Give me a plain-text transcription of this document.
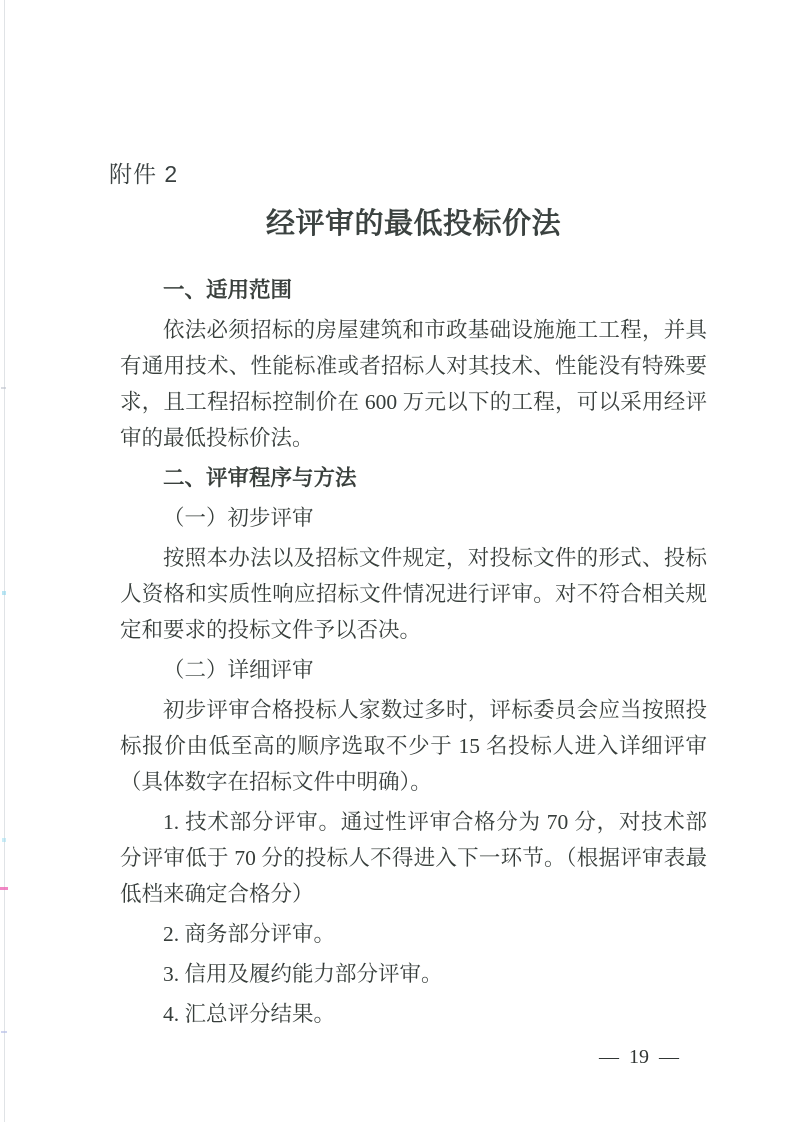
附件 2
经评审的最低投标价法
一、适用范围

依法必须招标的房屋建筑和市政基础设施施工工程，并具有通用技术、性能标准或者招标人对其技术、性能没有特殊要求，且工程招标控制价在 600 万元以下的工程，可以采用经评审的最低投标价法。

二、评审程序与方法
（一）初步评审

按照本办法以及招标文件规定，对投标文件的形式、投标人资格和实质性响应招标文件情况进行评审。对不符合相关规定和要求的投标文件予以否决。

（二）详细评审

初步评审合格投标人家数过多时，评标委员会应当按照投标报价由低至高的顺序选取不少于 15 名投标人进入详细评审（具体数字在招标文件中明确）。

1. 技术部分评审。通过性评审合格分为 70 分，对技术部分评审低于 70 分的投标人不得进入下一环节。（根据评审表最低档来确定合格分）

2. 商务部分评审。

3. 信用及履约能力部分评审。

4. 汇总评分结果。

— 19 —
